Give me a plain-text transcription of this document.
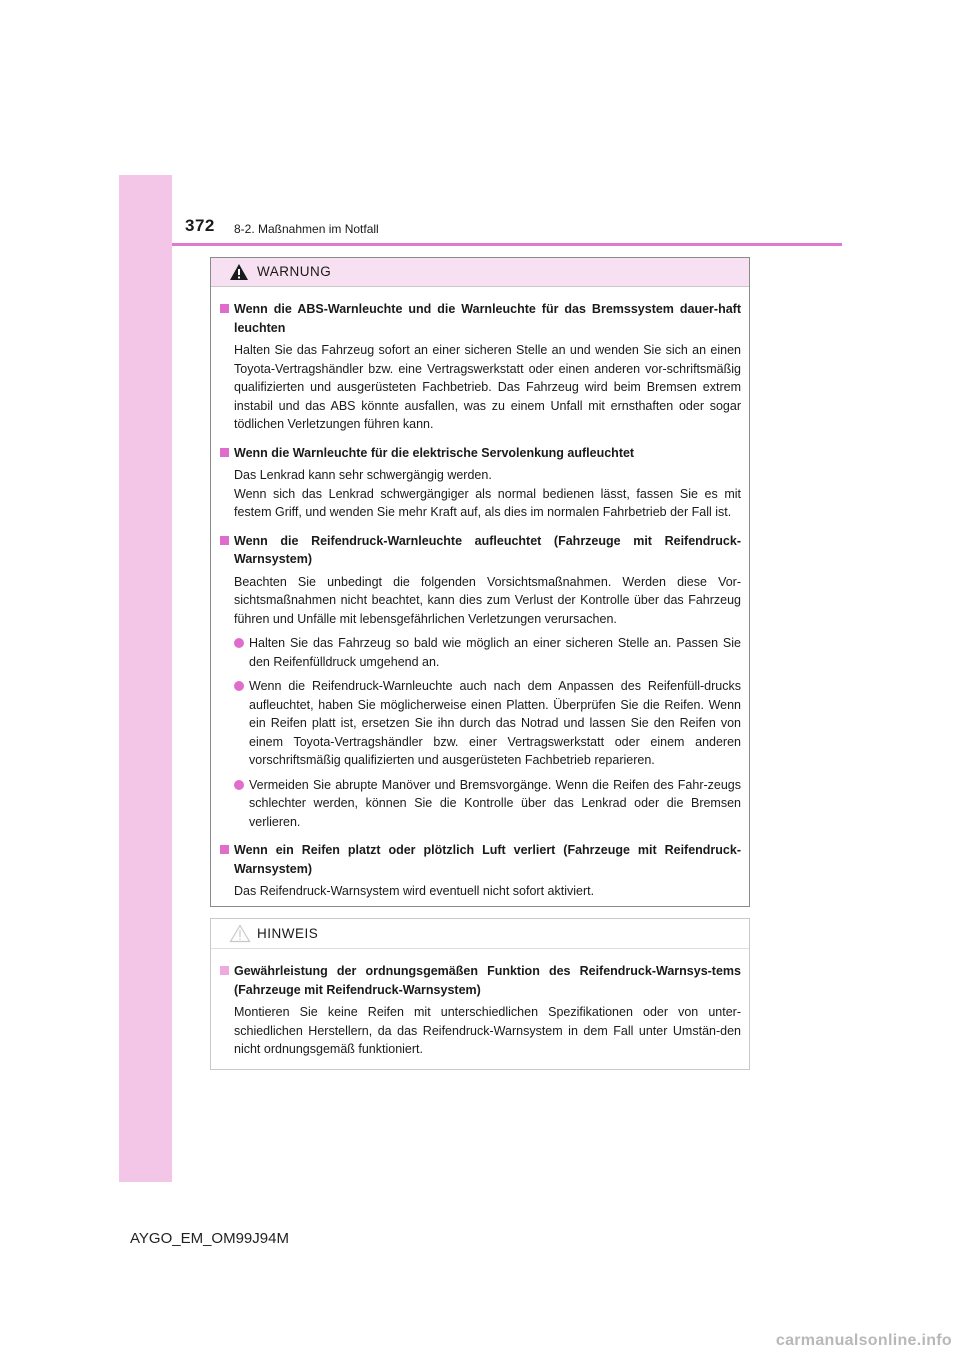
372 8-2. Maßnahmen im Notfall
WARNUNG
Wenn die ABS-Warnleuchte und die Warnleuchte für das Bremssystem dauer-haft leuchten
Halten Sie das Fahrzeug sofort an einer sicheren Stelle an und wenden Sie sich an einen Toyota-Vertragshändler bzw. eine Vertragswerkstatt oder einen anderen vor-schriftsmäßig qualifizierten und ausgerüsteten Fachbetrieb. Das Fahrzeug wird beim Bremsen extrem instabil und das ABS könnte ausfallen, was zu einem Unfall mit ernsthaften oder sogar tödlichen Verletzungen führen kann.
Wenn die Warnleuchte für die elektrische Servolenkung aufleuchtet
Das Lenkrad kann sehr schwergängig werden.
Wenn sich das Lenkrad schwergängiger als normal bedienen lässt, fassen Sie es mit festem Griff, und wenden Sie mehr Kraft auf, als dies im normalen Fahrbetrieb der Fall ist.
Wenn die Reifendruck-Warnleuchte aufleuchtet (Fahrzeuge mit Reifendruck-Warnsystem)
Beachten Sie unbedingt die folgenden Vorsichtsmaßnahmen. Werden diese Vor-sichtsmaßnahmen nicht beachtet, kann dies zum Verlust der Kontrolle über das Fahrzeug führen und Unfälle mit lebensgefährlichen Verletzungen verursachen.
Halten Sie das Fahrzeug so bald wie möglich an einer sicheren Stelle an. Passen Sie den Reifenfülldruck umgehend an.
Wenn die Reifendruck-Warnleuchte auch nach dem Anpassen des Reifenfüll-drucks aufleuchtet, haben Sie möglicherweise einen Platten. Überprüfen Sie die Reifen. Wenn ein Reifen platt ist, ersetzen Sie ihn durch das Notrad und lassen Sie den Reifen von einem Toyota-Vertragshändler bzw. einer Vertragswerkstatt oder einem anderen vorschriftsmäßig qualifizierten und ausgerüsteten Fachbetrieb reparieren.
Vermeiden Sie abrupte Manöver und Bremsvorgänge. Wenn die Reifen des Fahr-zeugs schlechter werden, können Sie die Kontrolle über das Lenkrad oder die Bremsen verlieren.
Wenn ein Reifen platzt oder plötzlich Luft verliert (Fahrzeuge mit Reifendruck-Warnsystem)
Das Reifendruck-Warnsystem wird eventuell nicht sofort aktiviert.
HINWEIS
Gewährleistung der ordnungsgemäßen Funktion des Reifendruck-Warnsys-tems (Fahrzeuge mit Reifendruck-Warnsystem)
Montieren Sie keine Reifen mit unterschiedlichen Spezifikationen oder von unter-schiedlichen Herstellern, da das Reifendruck-Warnsystem in dem Fall unter Umstän-den nicht ordnungsgemäß funktioniert.
AYGO_EM_OM99J94M
carmanualsonline.info
